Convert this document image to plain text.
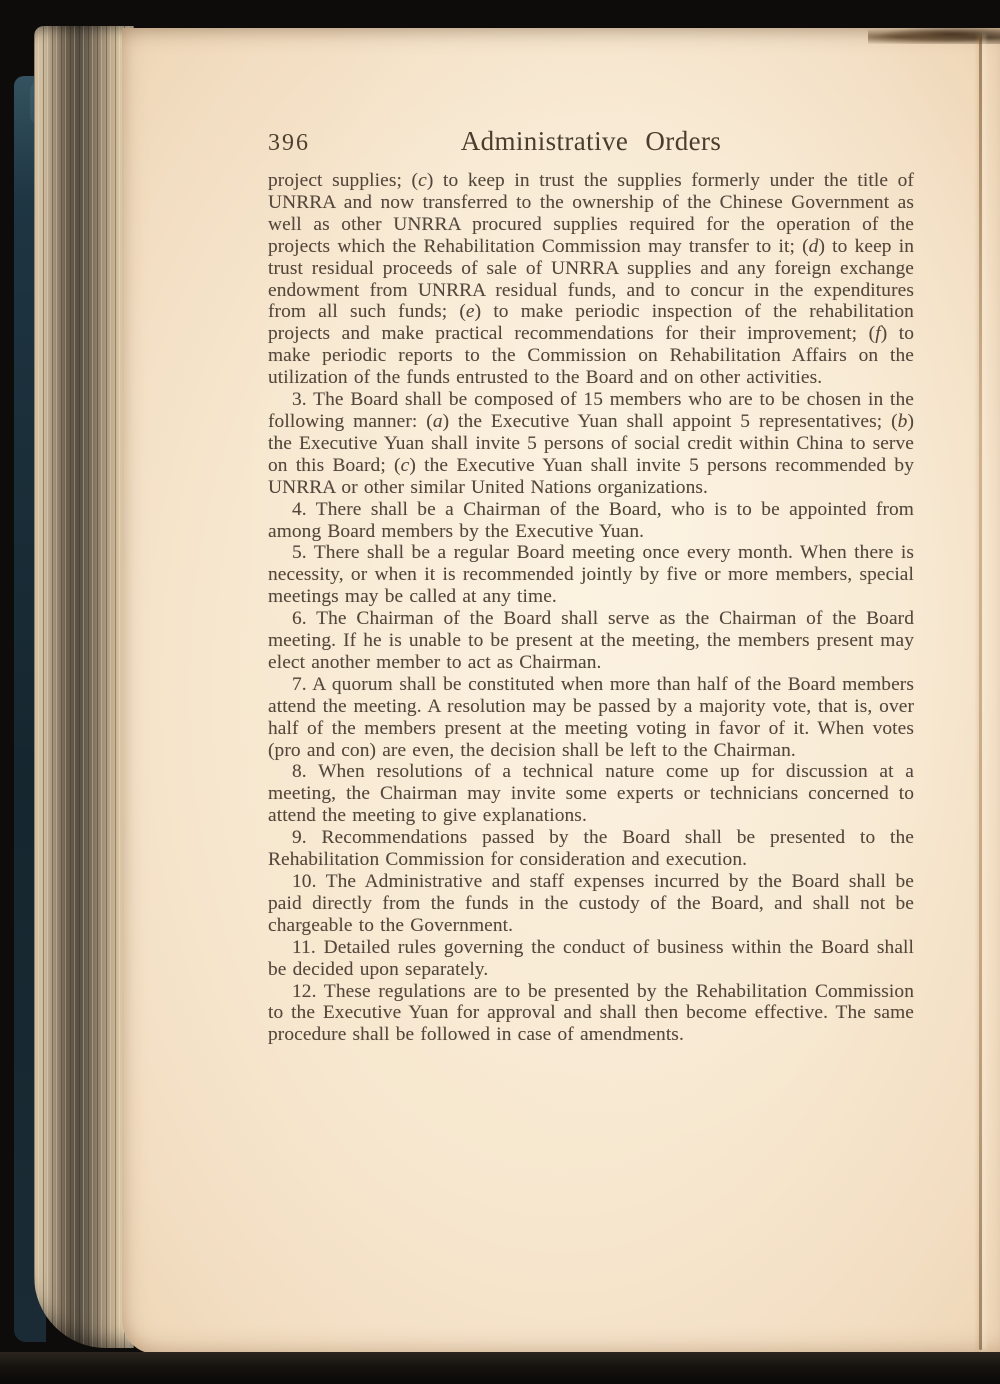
396	Administrative Orders

project supplies; (c) to keep in trust the supplies formerly under the title of UNRRA and now transferred to the ownership of the Chinese Government as well as other UNRRA procured supplies required for the operation of the projects which the Rehabilitation Commission may transfer to it; (d) to keep in trust residual proceeds of sale of UNRRA supplies and any foreign exchange endowment from UNRRA residual funds, and to concur in the expenditures from all such funds; (e) to make periodic inspection of the rehabilitation projects and make practical recommendations for their improvement; (f) to make periodic reports to the Commission on Rehabilitation Affairs on the utilization of the funds entrusted to the Board and on other activities.

3. The Board shall be composed of 15 members who are to be chosen in the following manner: (a) the Executive Yuan shall appoint 5 representatives; (b) the Executive Yuan shall invite 5 persons of social credit within China to serve on this Board; (c) the Executive Yuan shall invite 5 persons recommended by UNRRA or other similar United Nations organizations.

4. There shall be a Chairman of the Board, who is to be appointed from among Board members by the Executive Yuan.

5. There shall be a regular Board meeting once every month. When there is necessity, or when it is recommended jointly by five or more members, special meetings may be called at any time.

6. The Chairman of the Board shall serve as the Chairman of the Board meeting. If he is unable to be present at the meeting, the members present may elect another member to act as Chairman.

7. A quorum shall be constituted when more than half of the Board members attend the meeting. A resolution may be passed by a majority vote, that is, over half of the members present at the meeting voting in favor of it. When votes (pro and con) are even, the decision shall be left to the Chairman.

8. When resolutions of a technical nature come up for discussion at a meeting, the Chairman may invite some experts or technicians concerned to attend the meeting to give explanations.

9. Recommendations passed by the Board shall be presented to the Rehabilitation Commission for consideration and execution.

10. The Administrative and staff expenses incurred by the Board shall be paid directly from the funds in the custody of the Board, and shall not be chargeable to the Government.

11. Detailed rules governing the conduct of business within the Board shall be decided upon separately.

12. These regulations are to be presented by the Rehabilitation Commission to the Executive Yuan for approval and shall then become effective. The same procedure shall be followed in case of amendments.
